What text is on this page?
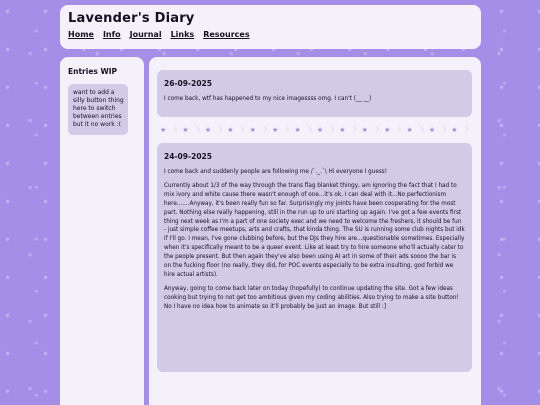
Lavender's Diary
Home Info Journal Links Resources
Entries WIP
want to add a silly button thing here to switch between entries but it no work :(
26-09-2025

I come back, wtf has happened to my nice imagessss omg. I can't (__ __)

★ ☽ ★ ☽ ★ ☽ ★ ☽ ★ ☽ ★ ☽ ★ ☽ ★ ☽ ★ ☽ ★ ☽ ★ ☽ ★ ☽ ★ ☽ ★ ☽
24-09-2025

I come back and suddenly people are following me /`._.`\ Hi everyone I guess!

Currently about 1/3 of the way through the trans flag blanket thingy, am ignoring the fact that I had to mix ivory and white cause there wasn't enough of one...it's ok, I can deal with it...No perfectionism here.......Anyway, it's been really fun so far. Surprisingly my joints have been cooperating for the most part. Nothing else really happening, still in the run up to uni starting up again. I've got a few events first thing next week as I'm a part of one society exec and we need to welcome the freshers, it should be fun - just simple coffee meetups, arts and crafts, that kinda thing. The SU is running some club nights but idk if I'll go. I mean, I've gone clubbing before, but the DJs they hire are...questionable sometimes. Especially when it's specifically meant to be a queer event. Like at least try to hire someone who'll actually cater to the people present. But then again they've also been using AI art in some of their ads soooo the bar is on the fucking floor (no really, they did, for POC events especially to be extra insulting, god forbid we hire actual artists).

Anyway, going to come back later on today (hopefully) to continue updating the site. Got a few ideas cooking but trying to not get too ambitious given my coding abilities. Also trying to make a site button! No I have no idea how to animate so it'll probably be just an image. But still :]
